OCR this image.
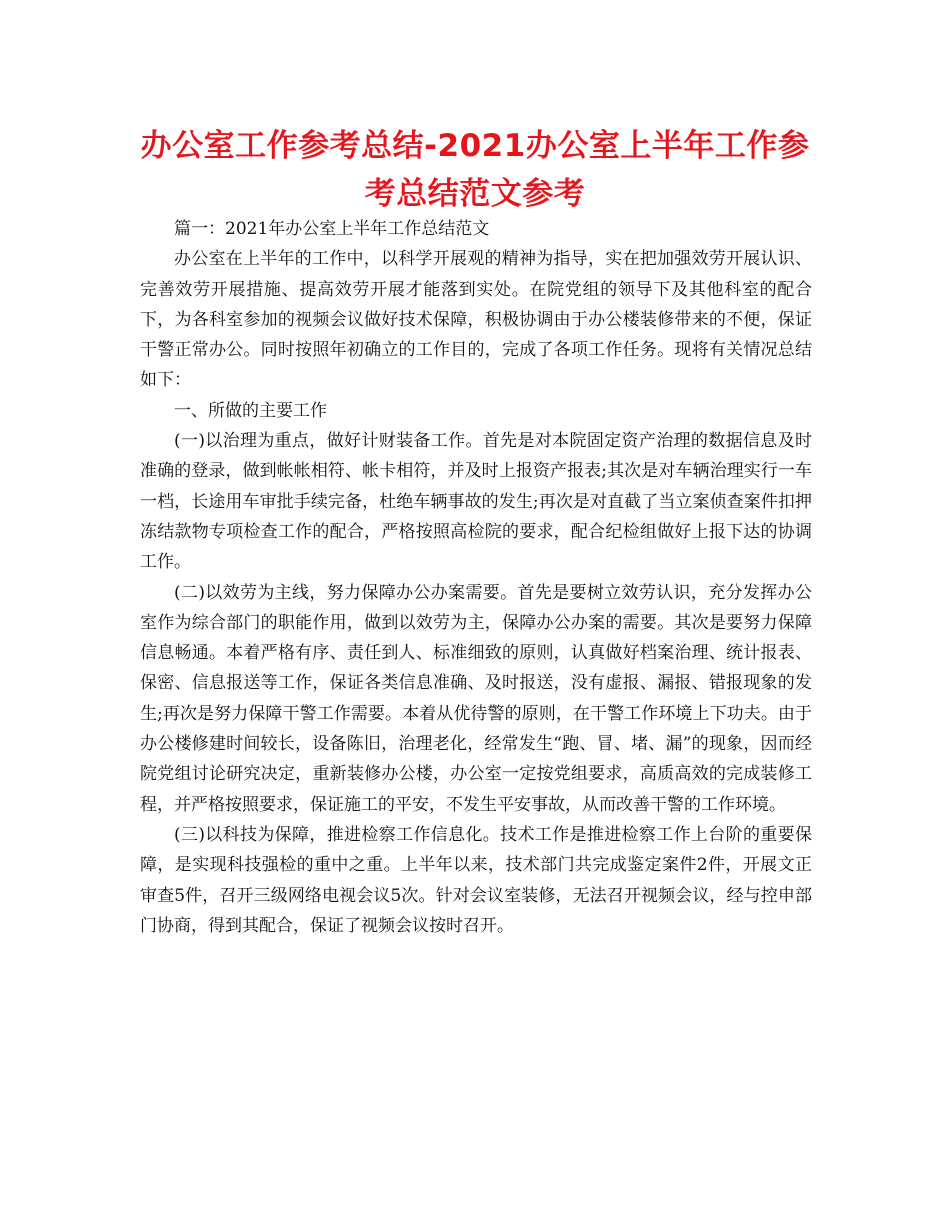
办公室工作参考总结-2021办公室上半年工作参考总结范文参考

篇一：2021年办公室上半年工作总结范文

办公室在上半年的工作中，以科学开展观的精神为指导，实在把加强效劳开展认识、完善效劳开展措施、提高效劳开展才能落到实处。在院党组的领导下及其他科室的配合下，为各科室参加的视频会议做好技术保障，积极协调由于办公楼装修带来的不便，保证干警正常办公。同时按照年初确立的工作目的，完成了各项工作任务。现将有关情况总结如下：

一、所做的主要工作

(一)以治理为重点，做好计财装备工作。首先是对本院固定资产治理的数据信息及时准确的登录，做到帐帐相符、帐卡相符，并及时上报资产报表;其次是对车辆治理实行一车一档，长途用车审批手续完备，杜绝车辆事故的发生;再次是对直截了当立案侦查案件扣押冻结款物专项检查工作的配合，严格按照高检院的要求，配合纪检组做好上报下达的协调工作。

(二)以效劳为主线，努力保障办公办案需要。首先是要树立效劳认识，充分发挥办公室作为综合部门的职能作用，做到以效劳为主，保障办公办案的需要。其次是要努力保障信息畅通。本着严格有序、责任到人、标准细致的原则，认真做好档案治理、统计报表、保密、信息报送等工作，保证各类信息准确、及时报送，没有虚报、漏报、错报现象的发生;再次是努力保障干警工作需要。本着从优待警的原则，在干警工作环境上下功夫。由于办公楼修建时间较长，设备陈旧，治理老化，经常发生“跑、冒、堵、漏”的现象，因而经院党组讨论研究决定，重新装修办公楼，办公室一定按党组要求，高质高效的完成装修工程，并严格按照要求，保证施工的平安，不发生平安事故，从而改善干警的工作环境。

(三)以科技为保障，推进检察工作信息化。技术工作是推进检察工作上台阶的重要保障，是实现科技强检的重中之重。上半年以来，技术部门共完成鉴定案件2件，开展文正审查5件，召开三级网络电视会议5次。针对会议室装修，无法召开视频会议，经与控申部门协商，得到其配合，保证了视频会议按时召开。
